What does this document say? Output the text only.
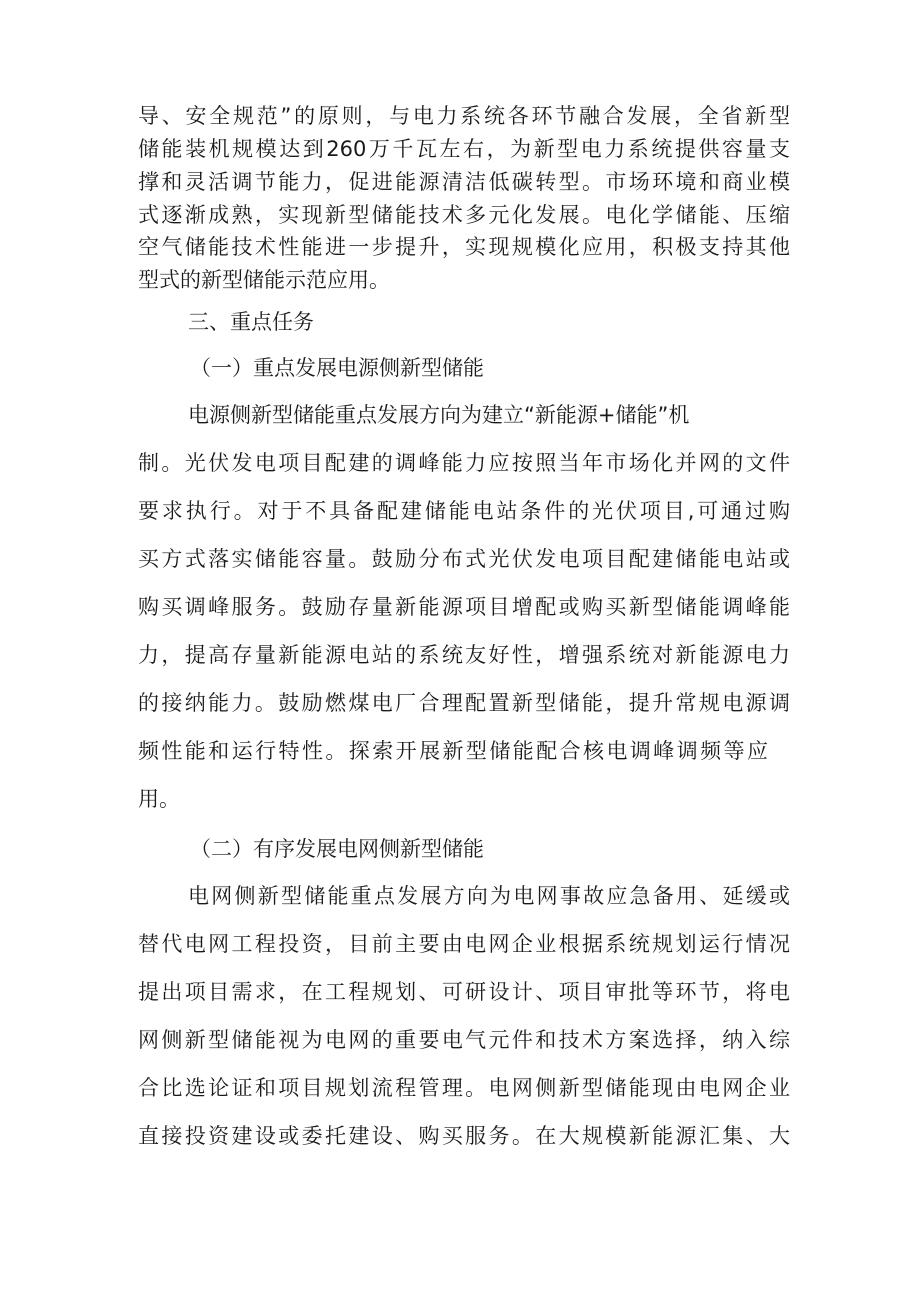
导、安全规范”的原则，与电力系统各环节融合发展，全省新型
储能装机规模达到260万千瓦左右，为新型电力系统提供容量支
撑和灵活调节能力，促进能源清洁低碳转型。市场环境和商业模
式逐渐成熟，实现新型储能技术多元化发展。电化学储能、压缩
空气储能技术性能进一步提升，实现规模化应用，积极支持其他
型式的新型储能示范应用。
三、重点任务
（一）重点发展电源侧新型储能
电源侧新型储能重点发展方向为建立“新能源+储能”机
制。光伏发电项目配建的调峰能力应按照当年市场化并网的文件
要求执行。对于不具备配建储能电站条件的光伏项目,可通过购
买方式落实储能容量。鼓励分布式光伏发电项目配建储能电站或
购买调峰服务。鼓励存量新能源项目增配或购买新型储能调峰能
力，提高存量新能源电站的系统友好性，增强系统对新能源电力
的接纳能力。鼓励燃煤电厂合理配置新型储能，提升常规电源调
频性能和运行特性。探索开展新型储能配合核电调峰调频等应
用。
（二）有序发展电网侧新型储能
电网侧新型储能重点发展方向为电网事故应急备用、延缓或
替代电网工程投资，目前主要由电网企业根据系统规划运行情况
提出项目需求，在工程规划、可研设计、项目审批等环节，将电
网侧新型储能视为电网的重要电气元件和技术方案选择，纳入综
合比选论证和项目规划流程管理。电网侧新型储能现由电网企业
直接投资建设或委托建设、购买服务。在大规模新能源汇集、大
